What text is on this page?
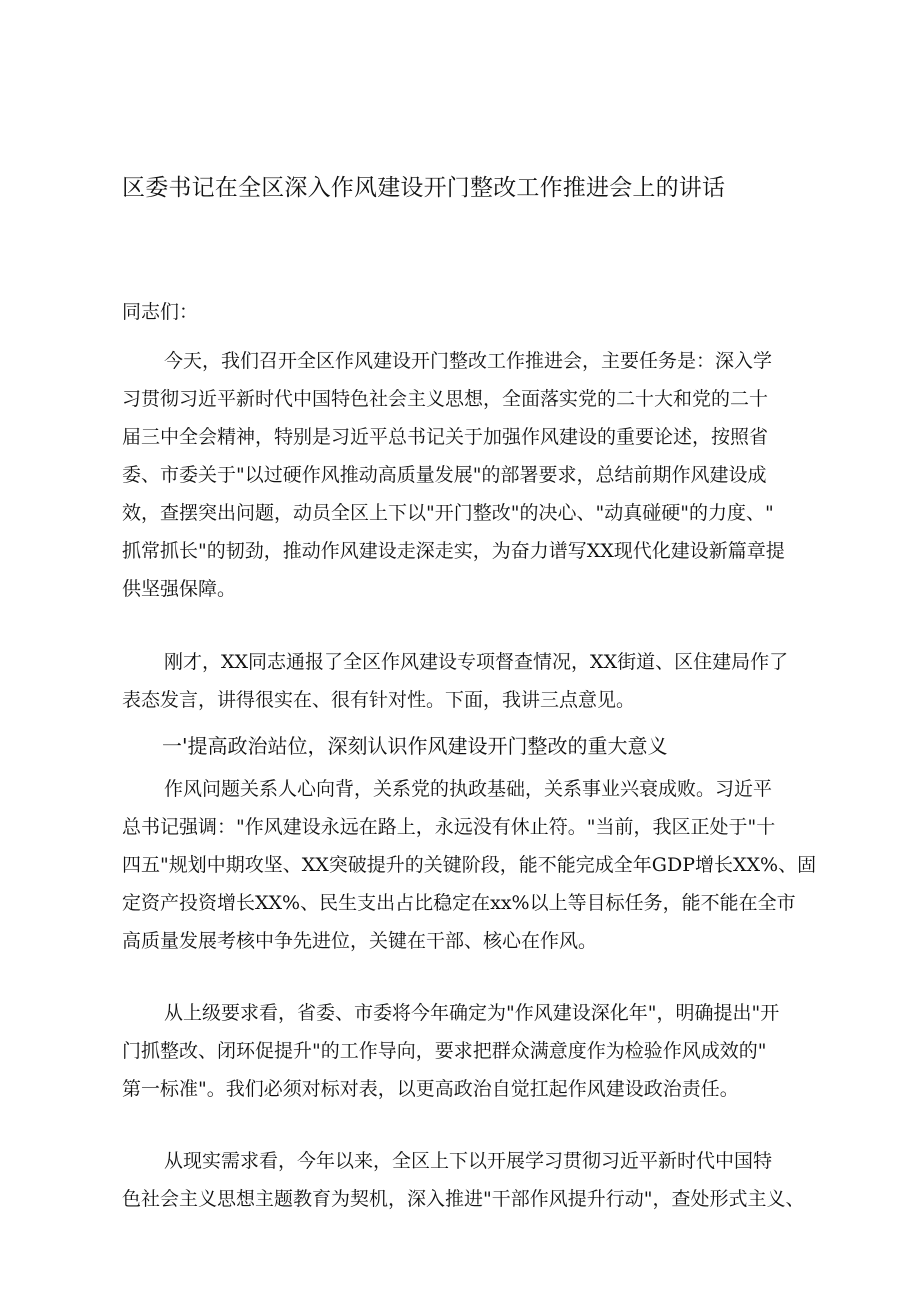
区委书记在全区深入作风建设开门整改工作推进会上的讲话

同志们：

今天，我们召开全区作风建设开门整改工作推进会，主要任务是：深入学
习贯彻习近平新时代中国特色社会主义思想，全面落实党的二十大和党的二十
届三中全会精神，特别是习近平总书记关于加强作风建设的重要论述，按照省
委、市委关于"以过硬作风推动高质量发展"的部署要求，总结前期作风建设成
效，查摆突出问题，动员全区上下以"开门整改"的决心、"动真碰硬"的力度、"
抓常抓长"的韧劲，推动作风建设走深走实，为奋力谱写XX现代化建设新篇章提
供坚强保障。
刚才，XX同志通报了全区作风建设专项督查情况，XX街道、区住建局作了
表态发言，讲得很实在、很有针对性。下面，我讲三点意见。
一'提高政治站位，深刻认识作风建设开门整改的重大意义
作风问题关系人心向背，关系党的执政基础，关系事业兴衰成败。习近平
总书记强调："作风建设永远在路上，永远没有休止符。"当前，我区正处于"十
四五"规划中期攻坚、XX突破提升的关键阶段，能不能完成全年GDP增长XX%、固
定资产投资增长XX%、民生支出占比稳定在xx%以上等目标任务，能不能在全市
高质量发展考核中争先进位，关键在干部、核心在作风。
从上级要求看，省委、市委将今年确定为"作风建设深化年"，明确提出"开
门抓整改、闭环促提升"的工作导向，要求把群众满意度作为检验作风成效的"
第一标准"。我们必须对标对表，以更高政治自觉扛起作风建设政治责任。
从现实需求看，今年以来，全区上下以开展学习贯彻习近平新时代中国特
色社会主义思想主题教育为契机，深入推进"干部作风提升行动"，查处形式主义、
